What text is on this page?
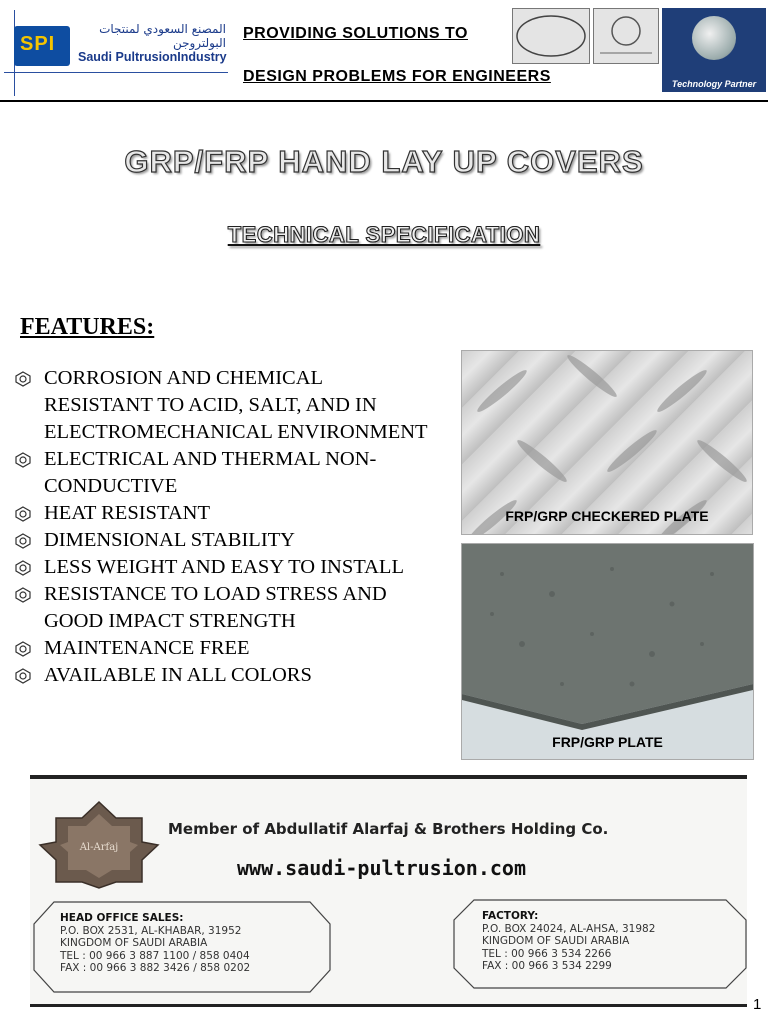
SPI
المصنع السعودي لمنتجات البولتروجن
Saudi PultrusionIndustry
PROVIDING SOLUTIONS TO
DESIGN PROBLEMS FOR ENGINEERS	Technology Partner
GRP/FRP HAND LAY UP COVERS
TECHNICAL SPECIFICATION
FEATURES:
CORROSION AND CHEMICAL RESISTANT TO ACID, SALT, AND IN ELECTROMECHANICAL ENVIRONMENT
ELECTRICAL AND THERMAL NON-CONDUCTIVE
HEAT RESISTANT
DIMENSIONAL STABILITY
LESS WEIGHT AND EASY TO INSTALL
RESISTANCE TO LOAD STRESS AND GOOD IMPACT STRENGTH
MAINTENANCE FREE
AVAILABLE IN ALL COLORS
FRP/GRP CHECKERED PLATE
FRP/GRP PLATE
Al-Arfaj
Member of Abdullatif Alarfaj & Brothers Holding Co.
www.saudi-pultrusion.com
HEAD OFFICE SALES:
P.O. BOX 2531, AL-KHABAR, 31952
KINGDOM OF SAUDI ARABIA
TEL : 00 966 3 887 1100 / 858 0404
FAX : 00 966 3 882 3426 / 858 0202
FACTORY:
P.O. BOX 24024, AL-AHSA, 31982
KINGDOM OF SAUDI ARABIA
TEL : 00 966 3 534 2266
FAX : 00 966 3 534 2299
1
